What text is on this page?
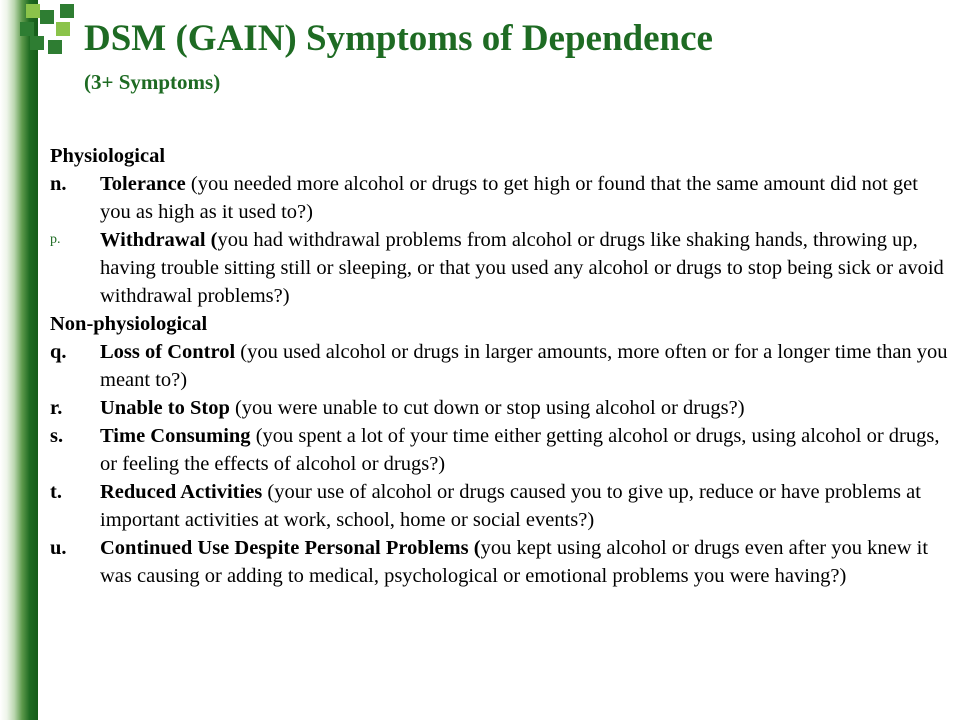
DSM (GAIN) Symptoms of Dependence
(3+ Symptoms)
Physiological
n. Tolerance (you needed more alcohol or drugs to get high or found that the same amount did not get you as high as it used to?)
p. Withdrawal (you had withdrawal problems from alcohol or drugs like shaking hands, throwing up, having trouble sitting still or sleeping, or that you used any alcohol or drugs to stop being sick or avoid withdrawal problems?)
Non-physiological
q. Loss of Control (you used alcohol or drugs in larger amounts, more often or for a longer time than you meant to?)
r. Unable to Stop (you were unable to cut down or stop using alcohol or drugs?)
s. Time Consuming (you spent a lot of your time either getting alcohol or drugs, using alcohol or drugs, or feeling the effects of alcohol or drugs?)
t. Reduced Activities (your use of alcohol or drugs caused you to give up, reduce or have problems at important activities at work, school, home or social events?)
u. Continued Use Despite Personal Problems (you kept using alcohol or drugs even after you knew it was causing or adding to medical, psychological or emotional problems you were having?)
